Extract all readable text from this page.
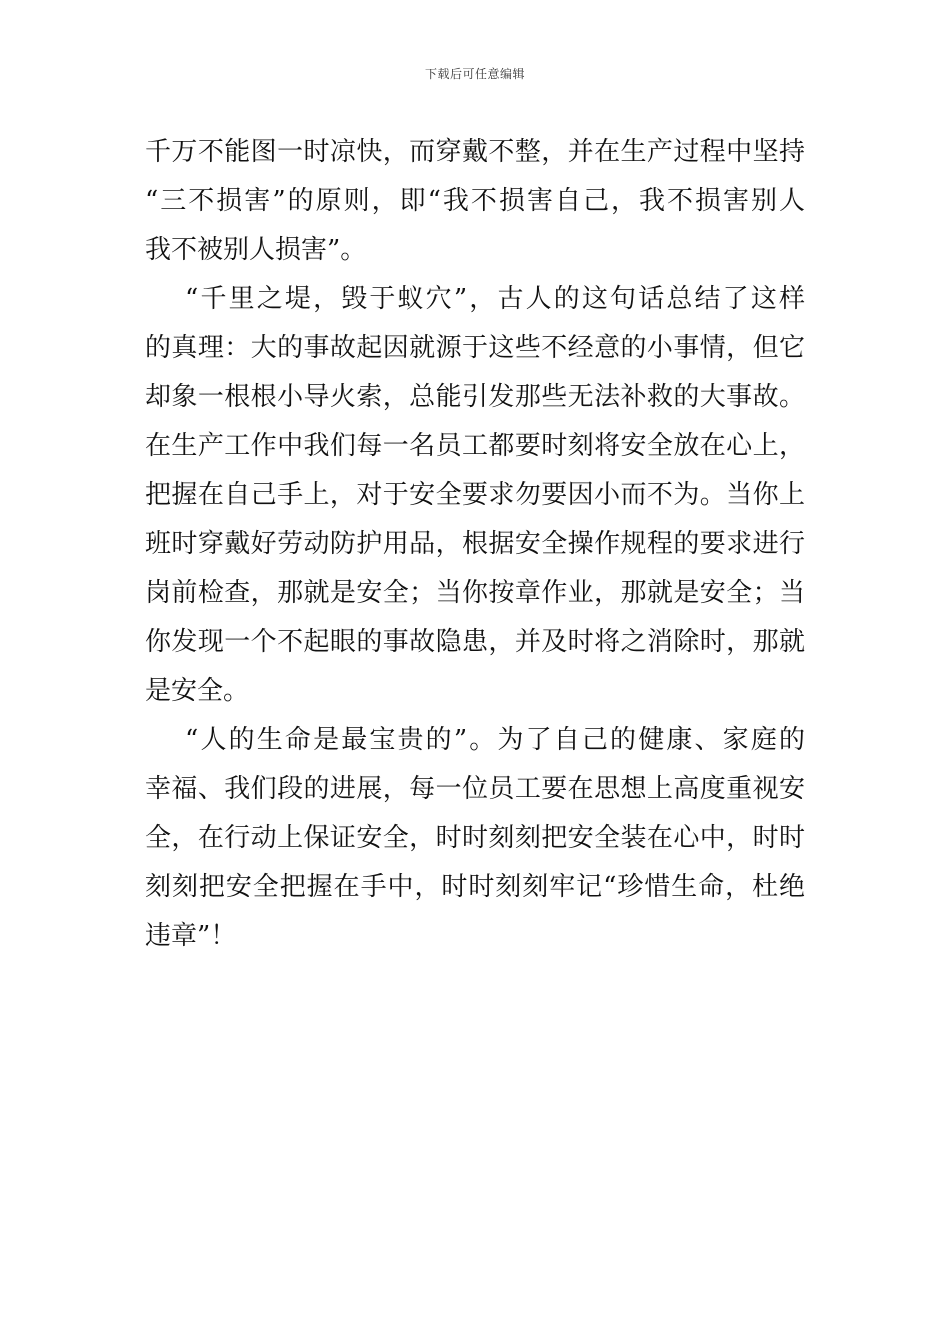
下载后可任意编辑
千万不能图一时凉快，而穿戴不整，并在生产过程中坚持
“三不损害”的原则，即“我不损害自己，我不损害别人
我不被别人损害”。
“千里之堤，毁于蚁穴”，古人的这句话总结了这样
的真理：大的事故起因就源于这些不经意的小事情，但它
却象一根根小导火索，总能引发那些无法补救的大事故。
在生产工作中我们每一名员工都要时刻将安全放在心上，
把握在自己手上，对于安全要求勿要因小而不为。当你上
班时穿戴好劳动防护用品，根据安全操作规程的要求进行
岗前检查，那就是安全；当你按章作业，那就是安全；当
你发现一个不起眼的事故隐患，并及时将之消除时，那就
是安全。
“人的生命是最宝贵的”。为了自己的健康、家庭的
幸福、我们段的进展，每一位员工要在思想上高度重视安
全，在行动上保证安全，时时刻刻把安全装在心中，时时
刻刻把安全把握在手中，时时刻刻牢记“珍惜生命，杜绝
违章”！
